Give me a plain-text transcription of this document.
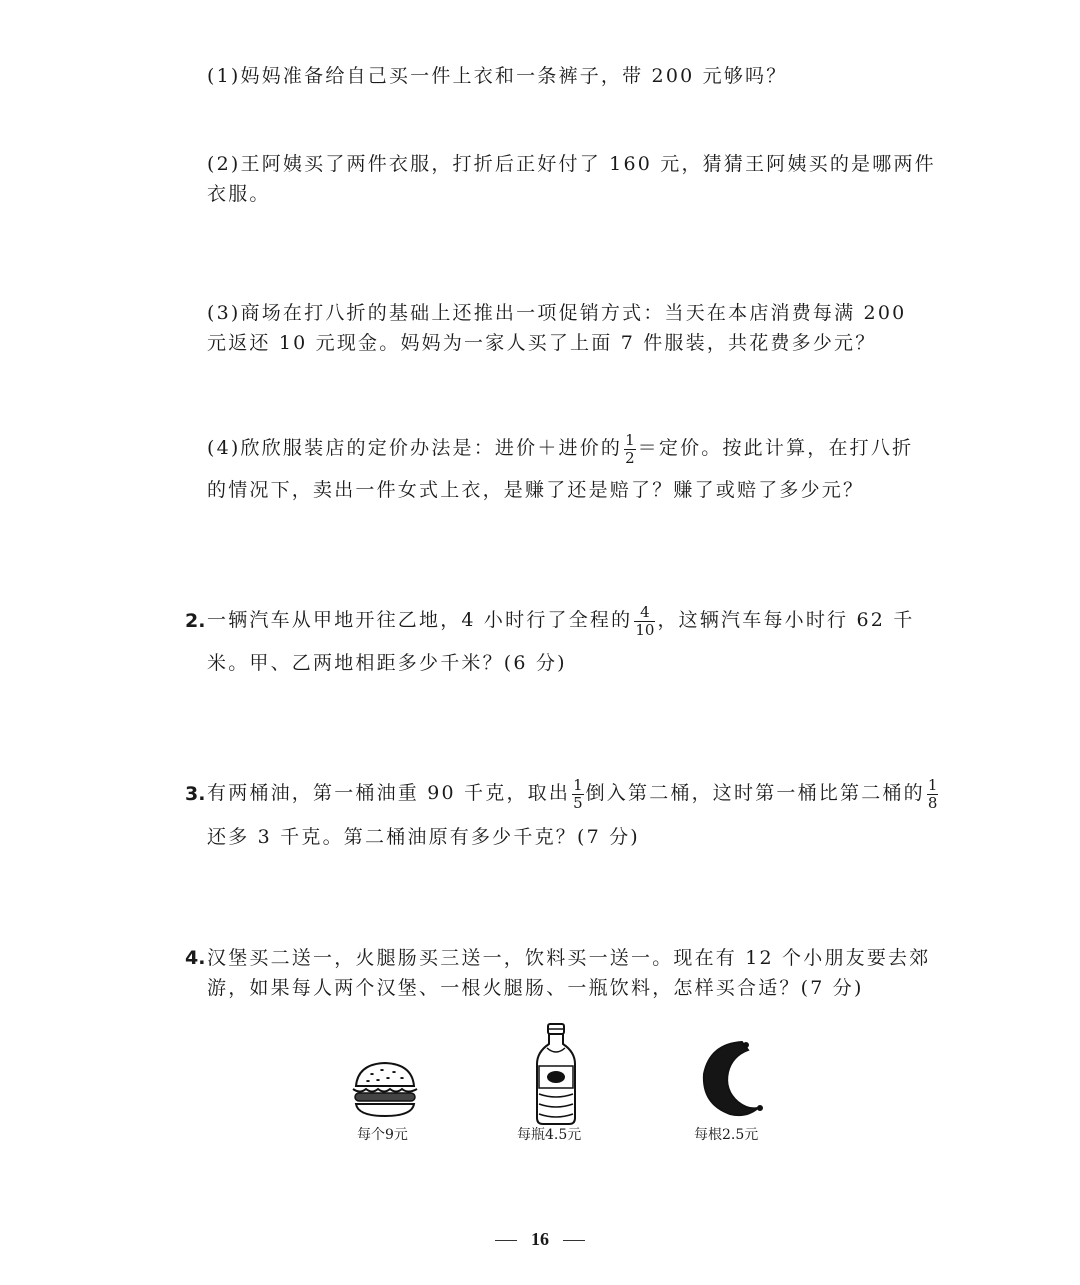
(1)妈妈准备给自己买一件上衣和一条裤子，带 200 元够吗？
(2)王阿姨买了两件衣服，打折后正好付了 160 元，猜猜王阿姨买的是哪两件
衣服。
(3)商场在打八折的基础上还推出一项促销方式：当天在本店消费每满 200
元返还 10 元现金。妈妈为一家人买了上面 7 件服装，共花费多少元？
(4)欣欣服装店的定价办法是：进价＋进价的 $\frac{1}{2}$ ＝定价。按此计算，在打八折
的情况下，卖出一件女式上衣，是赚了还是赔了？赚了或赔了多少元？
2. 一辆汽车从甲地开往乙地，4 小时行了全程的 $\frac{4}{10}$ ，这辆汽车每小时行 62 千
米。甲、乙两地相距多少千米？(6 分)
3. 有两桶油，第一桶油重 90 千克，取出 $\frac{1}{5}$ 倒入第二桶，这时第一桶比第二桶的 $\frac{1}{8}$
还多 3 千克。第二桶油原有多少千克？(7 分)
4. 汉堡买二送一，火腿肠买三送一，饮料买一送一。现在有 12 个小朋友要去郊
游，如果每人两个汉堡、一根火腿肠、一瓶饮料，怎样买合适？(7 分)
每个9元	每瓶4.5元	每根2.5元
16
